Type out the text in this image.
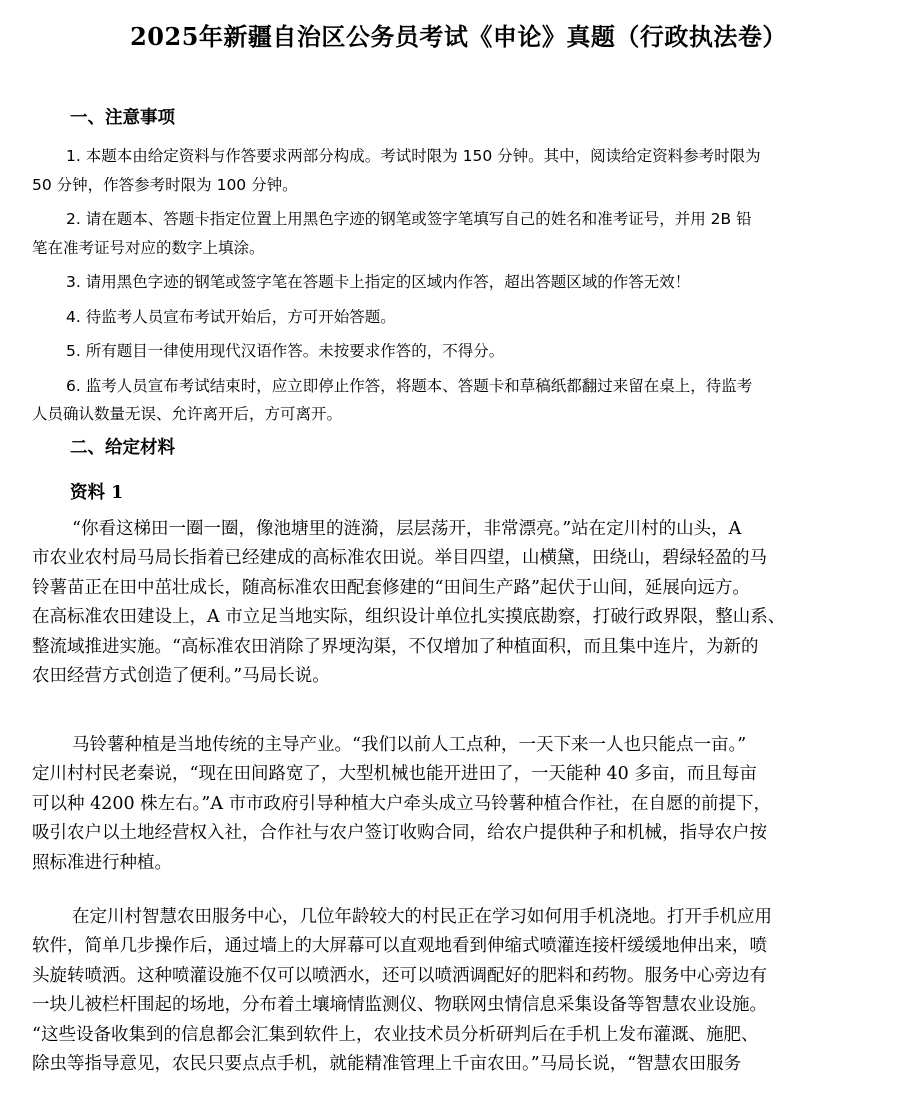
2025年新疆自治区公务员考试《申论》真题（行政执法卷）
一、注意事项
1. 本题本由给定资料与作答要求两部分构成。考试时限为 150 分钟。其中，阅读给定资料参考时限为
50 分钟，作答参考时限为 100 分钟。
2. 请在题本、答题卡指定位置上用黑色字迹的钢笔或签字笔填写自己的姓名和准考证号，并用 2B 铅
笔在准考证号对应的数字上填涂。
3. 请用黑色字迹的钢笔或签字笔在答题卡上指定的区域内作答，超出答题区域的作答无效！
4. 待监考人员宣布考试开始后，方可开始答题。
5. 所有题目一律使用现代汉语作答。未按要求作答的，不得分。
6. 监考人员宣布考试结束时，应立即停止作答，将题本、答题卡和草稿纸都翻过来留在桌上，待监考
人员确认数量无误、允许离开后，方可离开。
二、给定材料
资料 1
“你看这梯田一圈一圈，像池塘里的涟漪，层层荡开，非常漂亮。”站在定川村的山头，A
市农业农村局马局长指着已经建成的高标准农田说。举目四望，山横黛，田绕山，碧绿轻盈的马
铃薯苗正在田中茁壮成长，随高标准农田配套修建的“田间生产路”起伏于山间，延展向远方。
在高标准农田建设上，A 市立足当地实际，组织设计单位扎实摸底勘察，打破行政界限，整山系、
整流域推进实施。“高标准农田消除了界埂沟渠，不仅增加了种植面积，而且集中连片，为新的
农田经营方式创造了便利。”马局长说。
马铃薯种植是当地传统的主导产业。“我们以前人工点种，一天下来一人也只能点一亩。”
定川村村民老秦说，“现在田间路宽了，大型机械也能开进田了，一天能种 40 多亩，而且每亩
可以种 4200 株左右。”A 市市政府引导种植大户牵头成立马铃薯种植合作社，在自愿的前提下，
吸引农户以土地经营权入社，合作社与农户签订收购合同，给农户提供种子和机械，指导农户按
照标准进行种植。
在定川村智慧农田服务中心，几位年龄较大的村民正在学习如何用手机浇地。打开手机应用
软件，简单几步操作后，通过墙上的大屏幕可以直观地看到伸缩式喷灌连接杆缓缓地伸出来，喷
头旋转喷洒。这种喷灌设施不仅可以喷洒水，还可以喷洒调配好的肥料和药物。服务中心旁边有
一块儿被栏杆围起的场地，分布着土壤墒情监测仪、物联网虫情信息采集设备等智慧农业设施。
“这些设备收集到的信息都会汇集到软件上，农业技术员分析研判后在手机上发布灌溉、施肥、
除虫等指导意见，农民只要点点手机，就能精准管理上千亩农田。”马局长说，“智慧农田服务
